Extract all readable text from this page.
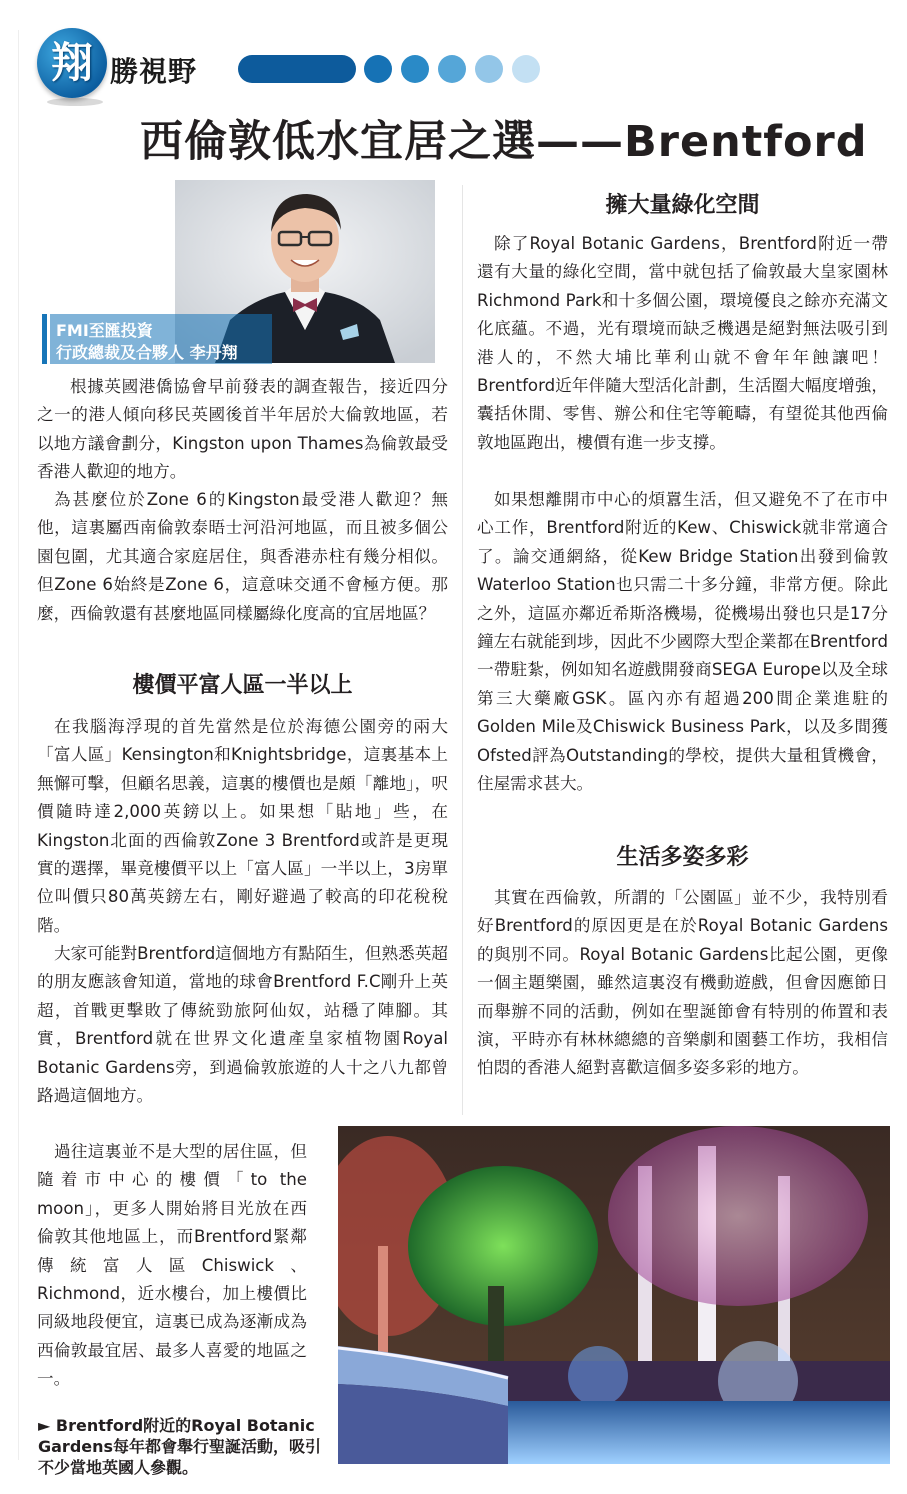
翔 勝視野
西倫敦低水宜居之選——Brentford
FMI至匯投資
行政總裁及合夥人 李丹翔
根據英國港僑協會早前發表的調查報告，接近四分之一的港人傾向移民英國後首半年居於大倫敦地區，若以地方議會劃分，Kingston upon Thames為倫敦最受香港人歡迎的地方。
為甚麼位於Zone 6的Kingston最受港人歡迎？無他，這裏屬西南倫敦泰晤士河沿河地區，而且被多個公園包圍，尤其適合家庭居住，與香港赤柱有幾分相似。但Zone 6始終是Zone 6，這意味交通不會極方便。那麼，西倫敦還有甚麼地區同樣屬綠化度高的宜居地區？
樓價平富人區一半以上
在我腦海浮現的首先當然是位於海德公園旁的兩大「富人區」Kensington和Knightsbridge，這裏基本上無懈可擊，但顧名思義，這裏的樓價也是頗「離地」，呎價隨時達2,000英鎊以上。如果想「貼地」些，在Kingston北面的西倫敦Zone 3 Brentford或許是更現實的選擇，畢竟樓價平以上「富人區」一半以上，3房單位叫價只80萬英鎊左右，剛好避過了較高的印花稅稅階。
大家可能對Brentford這個地方有點陌生，但熟悉英超的朋友應該會知道，當地的球會Brentford F.C剛升上英超，首戰更擊敗了傳統勁旅阿仙奴，站穩了陣腳。其實，Brentford就在世界文化遺產皇家植物園Royal Botanic Gardens旁，到過倫敦旅遊的人十之八九都曾路過這個地方。
過往這裏並不是大型的居住區，但隨着市中心的樓價「to the moon」，更多人開始將目光放在西倫敦其他地區上，而Brentford緊鄰傳統富人區Chiswick、Richmond，近水樓台，加上樓價比同級地段便宜，這裏已成為逐漸成為西倫敦最宜居、最多人喜愛的地區之一。
► Brentford附近的Royal Botanic Gardens每年都會舉行聖誕活動，吸引不少當地英國人參觀。
擁大量綠化空間
除了Royal Botanic Gardens，Brentford附近一帶還有大量的綠化空間，當中就包括了倫敦最大皇家園林Richmond Park和十多個公園，環境優良之餘亦充滿文化底蘊。不過，光有環境而缺乏機遇是絕對無法吸引到港人的，不然大埔比華利山就不會年年蝕讓吧！Brentford近年伴隨大型活化計劃，生活圈大幅度增強，囊括休閒、零售、辦公和住宅等範疇，有望從其他西倫敦地區跑出，樓價有進一步支撐。
如果想離開市中心的煩囂生活，但又避免不了在市中心工作，Brentford附近的Kew、Chiswick就非常適合了。論交通網絡，從Kew Bridge Station出發到倫敦Waterloo Station也只需二十多分鐘，非常方便。除此之外，這區亦鄰近希斯洛機場，從機場出發也只是17分鐘左右就能到埗，因此不少國際大型企業都在Brentford一帶駐紮，例如知名遊戲開發商SEGA Europe以及全球第三大藥廠GSK。區內亦有超過200間企業進駐的Golden Mile及Chiswick Business Park，以及多間獲Ofsted評為Outstanding的學校，提供大量租賃機會，住屋需求甚大。
生活多姿多彩
其實在西倫敦，所謂的「公園區」並不少，我特別看好Brentford的原因更是在於Royal Botanic Gardens的與別不同。Royal Botanic Gardens比起公園，更像一個主題樂園，雖然這裏沒有機動遊戲，但會因應節日而舉辦不同的活動，例如在聖誕節會有特別的佈置和表演，平時亦有林林總總的音樂劇和園藝工作坊，我相信怕悶的香港人絕對喜歡這個多姿多彩的地方。
